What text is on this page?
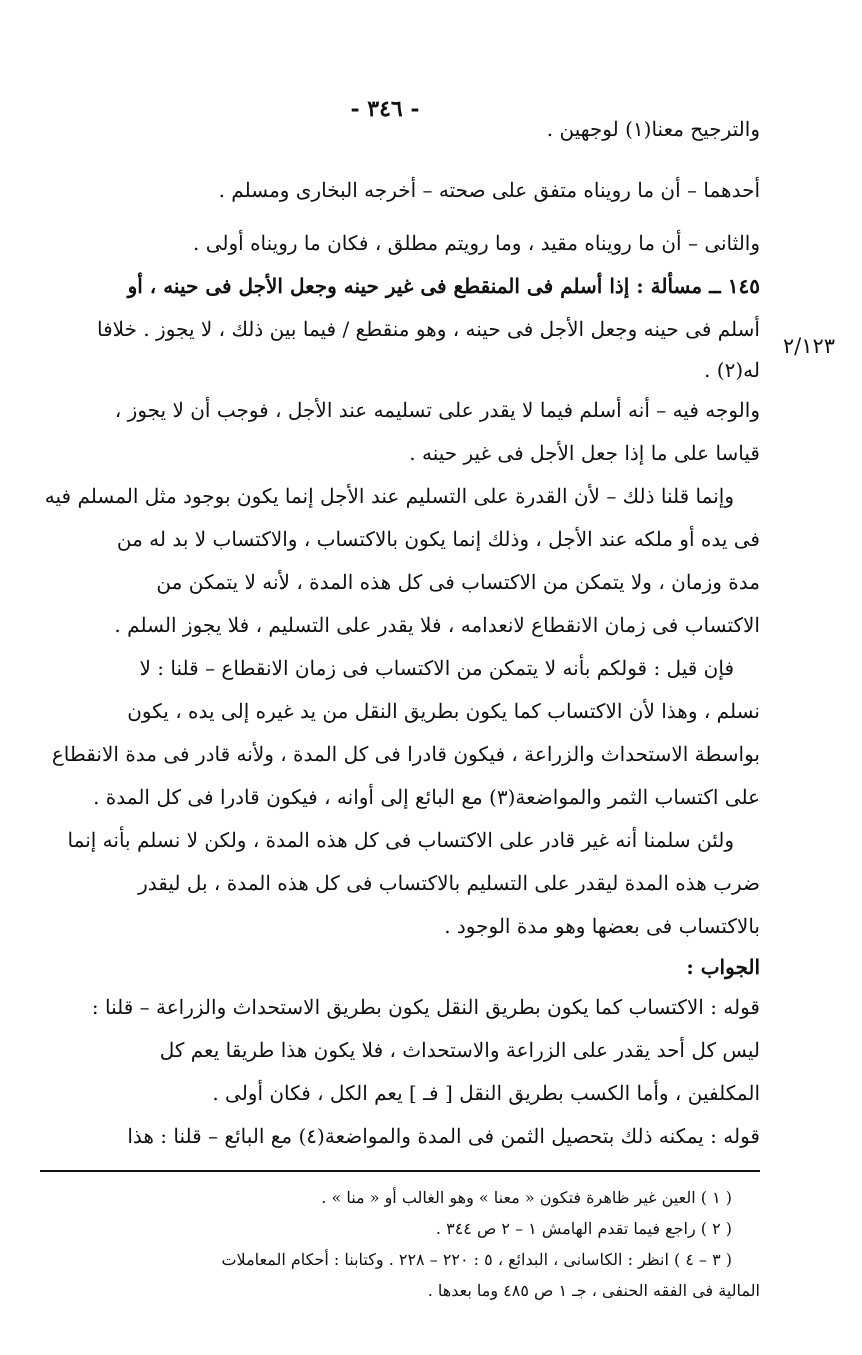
- ٣٤٦ -
٢/١٢٣
والترجيح معنا(١) لوجهين .
أحدهما – أن ما رويناه متفق على صحته – أخرجه البخارى ومسلم .
والثانى – أن ما رويناه مقيد ، وما رويتم مطلق ، فكان ما رويناه أولى .
١٤٥ ــ مسألة : إذا أسلم فى المنقطع فى غير حينه وجعل الأجل فى حينه ، أو
أسلم فى حينه وجعل الأجل فى حينه ، وهو منقطع / فيما بين ذلك ، لا يجوز . خلافا
له(٢) .
والوجه فيه – أنه أسلم فيما لا يقدر على تسليمه عند الأجل ، فوجب أن لا يجوز ،
قياسا على ما إذا جعل الأجل فى غير حينه .
وإنما قلنا ذلك – لأن القدرة على التسليم عند الأجل إنما يكون بوجود مثل المسلم فيه
فى يده أو ملكه عند الأجل ، وذلك إنما يكون بالاكتساب ، والاكتساب لا بد له من
مدة وزمان ، ولا يتمكن من الاكتساب فى كل هذه المدة ، لأنه لا يتمكن من
الاكتساب فى زمان الانقطاع لانعدامه ، فلا يقدر على التسليم ، فلا يجوز السلم .
فإن قيل : قولكم بأنه لا يتمكن من الاكتساب فى زمان الانقطاع – قلنا : لا
نسلم ، وهذا لأن الاكتساب كما يكون بطريق النقل من يد غيره إلى يده ، يكون
بواسطة الاستحداث والزراعة ، فيكون قادرا فى كل المدة ، ولأنه قادر فى مدة الانقطاع
على اكتساب الثمر والمواضعة(٣) مع البائع إلى أوانه ، فيكون قادرا فى كل المدة .
ولئن سلمنا أنه غير قادر على الاكتساب فى كل هذه المدة ، ولكن لا نسلم بأنه إنما
ضرب هذه المدة ليقدر على التسليم بالاكتساب فى كل هذه المدة ، بل ليقدر
بالاكتساب فى بعضها وهو مدة الوجود .
الجواب :
قوله : الاكتساب كما يكون بطريق النقل يكون بطريق الاستحداث والزراعة – قلنا :
ليس كل أحد يقدر على الزراعة والاستحداث ، فلا يكون هذا طريقا يعم كل
المكلفين ، وأما الكسب بطريق النقل [ فـ ] يعم الكل ، فكان أولى .
قوله : يمكنه ذلك بتحصيل الثمن فى المدة والمواضعة(٤) مع البائع – قلنا : هذا
( ١ ) العين غير ظاهرة فتكون « معنا » وهو الغالب أو « منا » .
( ٢ ) راجع فيما تقدم الهامش ١ – ٢ ص ٣٤٤ .
( ٣ – ٤ ) انظر : الكاسانى ، البدائع ، ٥ : ٢٢٠ – ٢٢٨ . وكتابنا : أحكام المعاملات
المالية فى الفقه الحنفى ، جـ ١ ص ٤٨٥ وما بعدها .
